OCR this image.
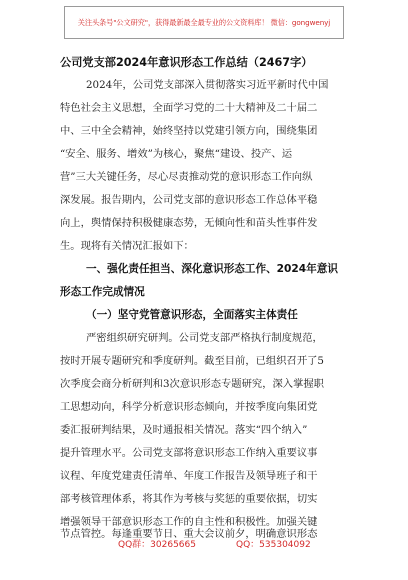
关注头条号"公文研究"，获得最新最全最专业的公文资料库！ 微信：gongwenyj
公司党支部2024年意识形态工作总结（2467字）
2024年，公司党支部深入贯彻落实习近平新时代中国
特色社会主义思想，全面学习党的二十大精神及二十届二
中、三中全会精神，始终坚持以党建引领方向，围绕集团
“安全、服务、增效”为核心，聚焦“建设、投产、运
营”三大关键任务，尽心尽责推动党的意识形态工作向纵
深发展。报告期内，公司党支部的意识形态工作总体平稳
向上，舆情保持积极健康态势，无倾向性和苗头性事件发
生。现将有关情况汇报如下：
一、强化责任担当、深化意识形态工作、2024年意识
形态工作完成情况
（一）坚守党管意识形态，全面落实主体责任
严密组织研究研判。公司党支部严格执行制度规范，
按时开展专题研究和季度研判。截至目前，已组织召开了5
次季度会商分析研判和3次意识形态专题研究，深入掌握职
工思想动向，科学分析意识形态倾向，并按季度向集团党
委汇报研判结果，及时通报相关情况。落实“四个纳入”
提升管理水平。公司党支部将意识形态工作纳入重要议事
议程、年度党建责任清单、年度工作报告及领导班子和干
部考核管理体系，将其作为考核与奖惩的重要依据，切实
增强领导干部意识形态工作的自主性和积极性。加强关键
节点管控。每逢重要节日、重大会议前夕，明确意识形态
QQ群：30265665	QQ：535304092
